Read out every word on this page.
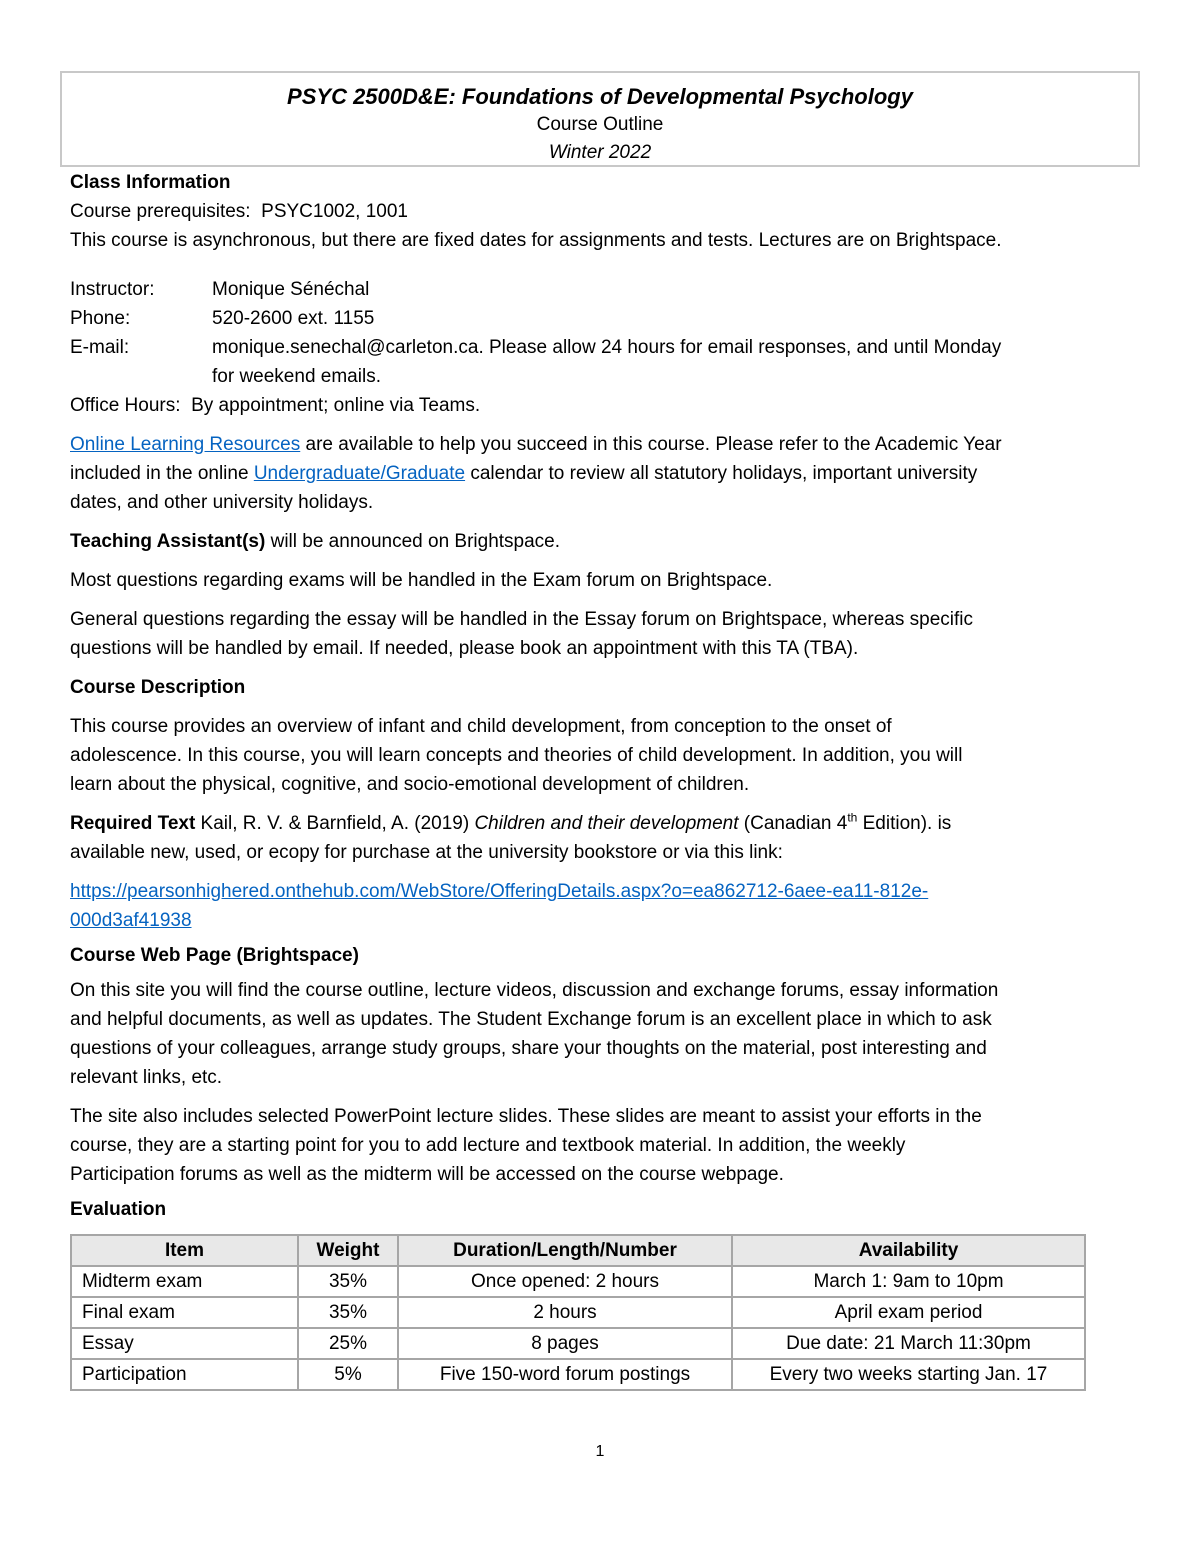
PSYC 2500D&E: Foundations of Developmental Psychology
Course Outline
Winter 2022
Class Information
Course prerequisites: PSYC1002, 1001
This course is asynchronous, but there are fixed dates for assignments and tests. Lectures are on Brightspace.
Instructor:	Monique Sénéchal
Phone:	520-2600 ext. 1155
E-mail:	monique.senechal@carleton.ca. Please allow 24 hours for email responses, and until Monday
for weekend emails.
Office Hours: By appointment; online via Teams.
Online Learning Resources are available to help you succeed in this course. Please refer to the Academic Year
included in the online Undergraduate/Graduate calendar to review all statutory holidays, important university
dates, and other university holidays.
Teaching Assistant(s) will be announced on Brightspace.
Most questions regarding exams will be handled in the Exam forum on Brightspace.
General questions regarding the essay will be handled in the Essay forum on Brightspace, whereas specific
questions will be handled by email. If needed, please book an appointment with this TA (TBA).
Course Description
This course provides an overview of infant and child development, from conception to the onset of
adolescence. In this course, you will learn concepts and theories of child development. In addition, you will
learn about the physical, cognitive, and socio-emotional development of children.
Required Text Kail, R. V. & Barnfield, A. (2019) Children and their development (Canadian 4th Edition). is
available new, used, or ecopy for purchase at the university bookstore or via this link:
https://pearsonhighered.onthehub.com/WebStore/OfferingDetails.aspx?o=ea862712-6aee-ea11-812e-
000d3af41938
Course Web Page (Brightspace)
On this site you will find the course outline, lecture videos, discussion and exchange forums, essay information
and helpful documents, as well as updates. The Student Exchange forum is an excellent place in which to ask
questions of your colleagues, arrange study groups, share your thoughts on the material, post interesting and
relevant links, etc.
The site also includes selected PowerPoint lecture slides. These slides are meant to assist your efforts in the
course, they are a starting point for you to add lecture and textbook material. In addition, the weekly
Participation forums as well as the midterm will be accessed on the course webpage.
Evaluation
Item	Weight	Duration/Length/Number	Availability
Midterm exam	35%	Once opened: 2 hours	March 1: 9am to 10pm
Final exam	35%	2 hours	April exam period
Essay	25%	8 pages	Due date: 21 March 11:30pm
Participation	5%	Five 150-word forum postings	Every two weeks starting Jan. 17
1
